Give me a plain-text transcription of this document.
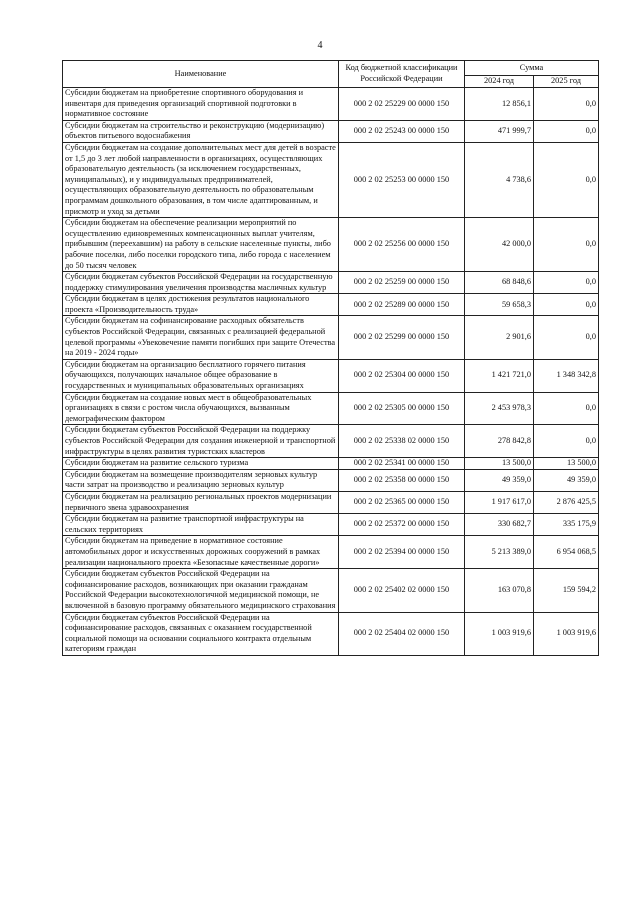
4
Наименование	Код бюджетной классификации Российской Федерации	Сумма	
		2024 год	2025 год
Субсидии бюджетам на приобретение спортивного оборудования и инвентаря для приведения организаций спортивной подготовки в нормативное состояние	000 2 02 25229 00 0000 150	12 856,1	0,0
Субсидии бюджетам на строительство и реконструкцию (модернизацию) объектов питьевого водоснабжения	000 2 02 25243 00 0000 150	471 999,7	0,0
Субсидии бюджетам на создание дополнительных мест для детей в возрасте от 1,5 до 3 лет любой направленности в организациях, осуществляющих образовательную деятельность (за исключением государственных, муниципальных), и у индивидуальных предпринимателей, осуществляющих образовательную деятельность по образовательным программам дошкольного образования, в том числе адаптированным, и присмотр и уход за детьми	000 2 02 25253 00 0000 150	4 738,6	0,0
Субсидии бюджетам на обеспечение реализации мероприятий по осуществлению единовременных компенсационных выплат учителям, прибывшим (переехавшим) на работу в сельские населенные пункты, либо рабочие поселки, либо поселки городского типа, либо города с населением до 50 тысяч человек	000 2 02 25256 00 0000 150	42 000,0	0,0
Субсидии бюджетам субъектов Российской Федерации на государственную поддержку стимулирования увеличения производства масличных культур	000 2 02 25259 00 0000 150	68 848,6	0,0
Субсидии бюджетам в целях достижения результатов национального проекта «Производительность труда»	000 2 02 25289 00 0000 150	59 658,3	0,0
Субсидии бюджетам на софинансирование расходных обязательств субъектов Российской Федерации, связанных с реализацией федеральной целевой программы «Увековечение памяти погибших при защите Отечества на 2019 - 2024 годы»	000 2 02 25299 00 0000 150	2 901,6	0,0
Субсидии бюджетам на организацию бесплатного горячего питания обучающихся, получающих начальное общее образование в государственных и муниципальных образовательных организациях	000 2 02 25304 00 0000 150	1 421 721,0	1 348 342,8
Субсидии бюджетам на создание новых мест в общеобразовательных организациях в связи с ростом числа обучающихся, вызванным демографическим фактором	000 2 02 25305 00 0000 150	2 453 978,3	0,0
Субсидии бюджетам субъектов Российской Федерации на поддержку субъектов Российской Федерации для создания инженерной и транспортной инфраструктуры в целях развития туристских кластеров	000 2 02 25338 02 0000 150	278 842,8	0,0
Субсидии бюджетам на развитие сельского туризма	000 2 02 25341 00 0000 150	13 500,0	13 500,0
Субсидии бюджетам на возмещение производителям зерновых культур части затрат на производство и реализацию зерновых культур	000 2 02 25358 00 0000 150	49 359,0	49 359,0
Субсидии бюджетам на реализацию региональных проектов модернизации первичного звена здравоохранения	000 2 02 25365 00 0000 150	1 917 617,0	2 876 425,5
Субсидии бюджетам на развитие транспортной инфраструктуры на сельских территориях	000 2 02 25372 00 0000 150	330 682,7	335 175,9
Субсидии бюджетам на приведение в нормативное состояние автомобильных дорог и искусственных дорожных сооружений в рамках реализации национального проекта «Безопасные качественные дороги»	000 2 02 25394 00 0000 150	5 213 389,0	6 954 068,5
Субсидии бюджетам субъектов Российской Федерации на софинансирование расходов, возникающих при оказании гражданам Российской Федерации высокотехнологичной медицинской помощи, не включенной в базовую программу обязательного медицинского страхования	000 2 02 25402 02 0000 150	163 070,8	159 594,2
Субсидии бюджетам субъектов Российской Федерации на софинансирование расходов, связанных с оказанием государственной социальной помощи на основании социального контракта отдельным категориям граждан	000 2 02 25404 02 0000 150	1 003 919,6	1 003 919,6
